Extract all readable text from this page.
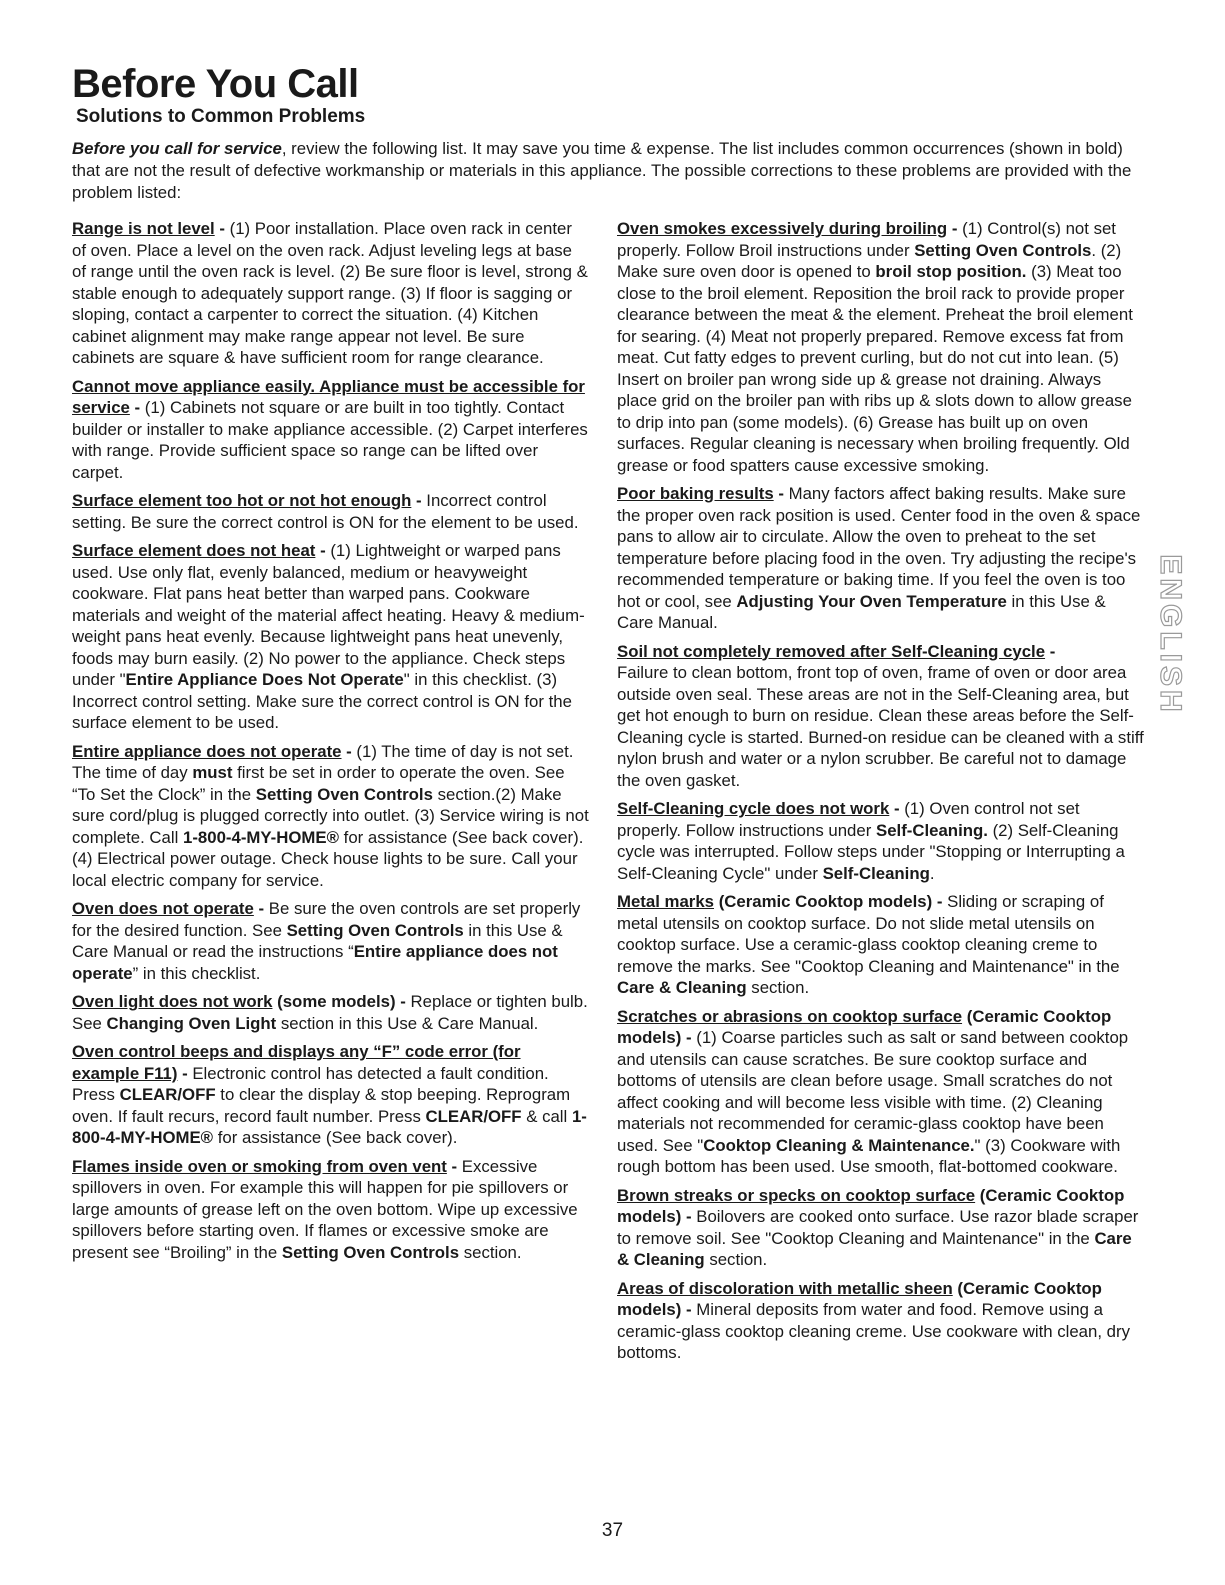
Before You Call
Solutions to Common Problems

Before you call for service, review the following list. It may save you time & expense. The list includes common occurrences (shown in bold) that are not the result of defective workmanship or materials in this appliance. The possible corrections to these problems are provided with the problem listed:

Range is not level - (1) Poor installation. Place oven rack in center of oven. Place a level on the oven rack. Adjust leveling legs at base of range until the oven rack is level. (2) Be sure floor is level, strong & stable enough to adequately support range. (3) If floor is sagging or sloping, contact a carpenter to correct the situation. (4) Kitchen cabinet alignment may make range appear not level. Be sure cabinets are square & have sufficient room for range clearance.

Cannot move appliance easily. Appliance must be accessible for service - (1) Cabinets not square or are built in too tightly. Contact builder or installer to make appliance accessible. (2) Carpet interferes with range. Provide sufficient space so range can be lifted over carpet.

Surface element too hot or not hot enough - Incorrect control setting. Be sure the correct control is ON for the element to be used.

Surface element does not heat - (1) Lightweight or warped pans used. Use only flat, evenly balanced, medium or heavyweight cookware. Flat pans heat better than warped pans. Cookware materials and weight of the material affect heating. Heavy & medium-weight pans heat evenly. Because lightweight pans heat unevenly, foods may burn easily. (2) No power to the appliance. Check steps under "Entire Appliance Does Not Operate" in this checklist. (3) Incorrect control setting. Make sure the correct control is ON for the surface element to be used.

Entire appliance does not operate - (1) The time of day is not set. The time of day must first be set in order to operate the oven. See “To Set the Clock” in the Setting Oven Controls section.(2) Make sure cord/plug is plugged correctly into outlet. (3) Service wiring is not complete. Call 1-800-4-MY-HOME® for assistance (See back cover). (4) Electrical power outage. Check house lights to be sure. Call your local electric company for service.

Oven does not operate - Be sure the oven controls are set properly for the desired function. See Setting Oven Controls in this Use & Care Manual or read the instructions “Entire appliance does not operate” in this checklist.

Oven light does not work (some models) - Replace or tighten bulb. See Changing Oven Light section in this Use & Care Manual.

Oven control beeps and displays any “F” code error (for example F11) - Electronic control has detected a fault condition. Press CLEAR/OFF to clear the display & stop beeping. Reprogram oven. If fault recurs, record fault number. Press CLEAR/OFF & call 1-800-4-MY-HOME® for assistance (See back cover).

Flames inside oven or smoking from oven vent - Excessive spillovers in oven. For example this will happen for pie spillovers or large amounts of grease left on the oven bottom. Wipe up excessive spillovers before starting oven. If flames or excessive smoke are present see “Broiling” in the Setting Oven Controls section.

Oven smokes excessively during broiling - (1) Control(s) not set properly. Follow Broil instructions under Setting Oven Controls. (2) Make sure oven door is opened to broil stop position. (3) Meat too close to the broil element. Reposition the broil rack to provide proper clearance between the meat & the element. Preheat the broil element for searing. (4) Meat not properly prepared. Remove excess fat from meat. Cut fatty edges to prevent curling, but do not cut into lean. (5) Insert on broiler pan wrong side up & grease not draining. Always place grid on the broiler pan with ribs up & slots down to allow grease to drip into pan (some models). (6) Grease has built up on oven surfaces. Regular cleaning is necessary when broiling frequently. Old grease or food spatters cause excessive smoking.

Poor baking results - Many factors affect baking results. Make sure the proper oven rack position is used. Center food in the oven & space pans to allow air to circulate. Allow the oven to preheat to the set temperature before placing food in the oven. Try adjusting the recipe's recommended temperature or baking time. If you feel the oven is too hot or cool, see Adjusting Your Oven Temperature in this Use & Care Manual.

Soil not completely removed after Self-Cleaning cycle -
Failure to clean bottom, front top of oven, frame of oven or door area outside oven seal. These areas are not in the Self-Cleaning area, but get hot enough to burn on residue. Clean these areas before the Self-Cleaning cycle is started. Burned-on residue can be cleaned with a stiff nylon brush and water or a nylon scrubber. Be careful not to damage the oven gasket.

Self-Cleaning cycle does not work - (1) Oven control not set properly. Follow instructions under Self-Cleaning. (2) Self-Cleaning cycle was interrupted. Follow steps under "Stopping or Interrupting a Self-Cleaning Cycle" under Self-Cleaning.

Metal marks (Ceramic Cooktop models) - Sliding or scraping of metal utensils on cooktop surface. Do not slide metal utensils on cooktop surface. Use a ceramic-glass cooktop cleaning creme to remove the marks. See "Cooktop Cleaning and Maintenance" in the Care & Cleaning section.

Scratches or abrasions on cooktop surface (Ceramic Cooktop models) - (1) Coarse particles such as salt or sand between cooktop and utensils can cause scratches. Be sure cooktop surface and bottoms of utensils are clean before usage. Small scratches do not affect cooking and will become less visible with time. (2) Cleaning materials not recommended for ceramic-glass cooktop have been used. See "Cooktop Cleaning & Maintenance." (3) Cookware with rough bottom has been used. Use smooth, flat-bottomed cookware.

Brown streaks or specks on cooktop surface (Ceramic Cooktop models) - Boilovers are cooked onto surface. Use razor blade scraper to remove soil. See "Cooktop Cleaning and Maintenance" in the Care & Cleaning section.

Areas of discoloration with metallic sheen (Ceramic Cooktop models) - Mineral deposits from water and food. Remove using a ceramic-glass cooktop cleaning creme. Use cookware with clean, dry bottoms.

ENGLISH
37
